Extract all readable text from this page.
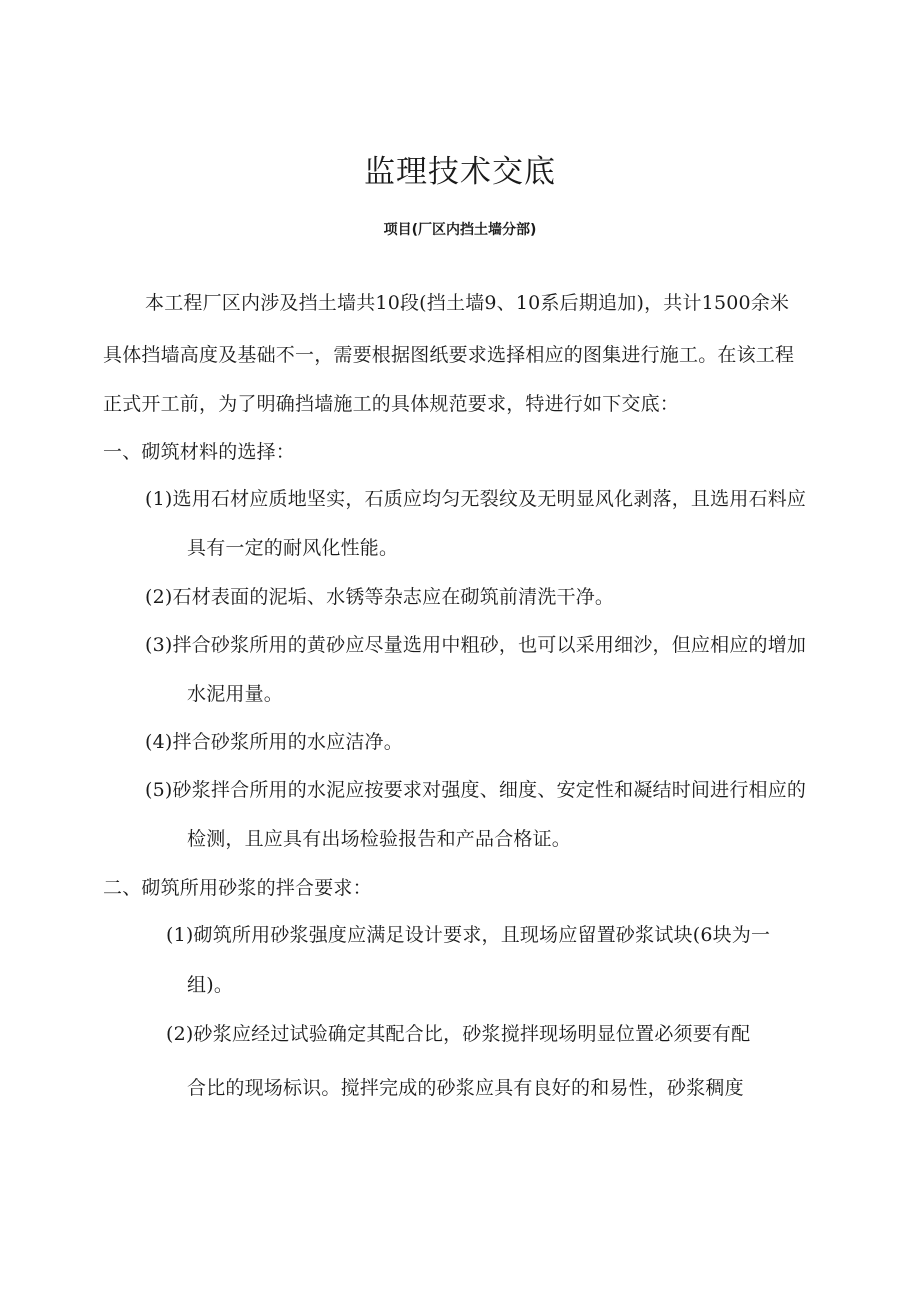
监理技术交底
项目(厂区内挡土墙分部)
本工程厂区内涉及挡土墙共10段(挡土墙9、10系后期追加)，共计1500余米
具体挡墙高度及基础不一，需要根据图纸要求选择相应的图集进行施工。在该工程
正式开工前，为了明确挡墙施工的具体规范要求，特进行如下交底：
一、砌筑材料的选择：
(1)选用石材应质地坚实，石质应均匀无裂纹及无明显风化剥落，且选用石料应
具有一定的耐风化性能。
(2)石材表面的泥垢、水锈等杂志应在砌筑前清洗干净。
(3)拌合砂浆所用的黄砂应尽量选用中粗砂，也可以采用细沙，但应相应的增加
水泥用量。
(4)拌合砂浆所用的水应洁净。
(5)砂浆拌合所用的水泥应按要求对强度、细度、安定性和凝结时间进行相应的
检测，且应具有出场检验报告和产品合格证。
二、砌筑所用砂浆的拌合要求：
(1)砌筑所用砂浆强度应满足设计要求，且现场应留置砂浆试块(6块为一
组)。
(2)砂浆应经过试验确定其配合比，砂浆搅拌现场明显位置必须要有配
合比的现场标识。搅拌完成的砂浆应具有良好的和易性，砂浆稠度
